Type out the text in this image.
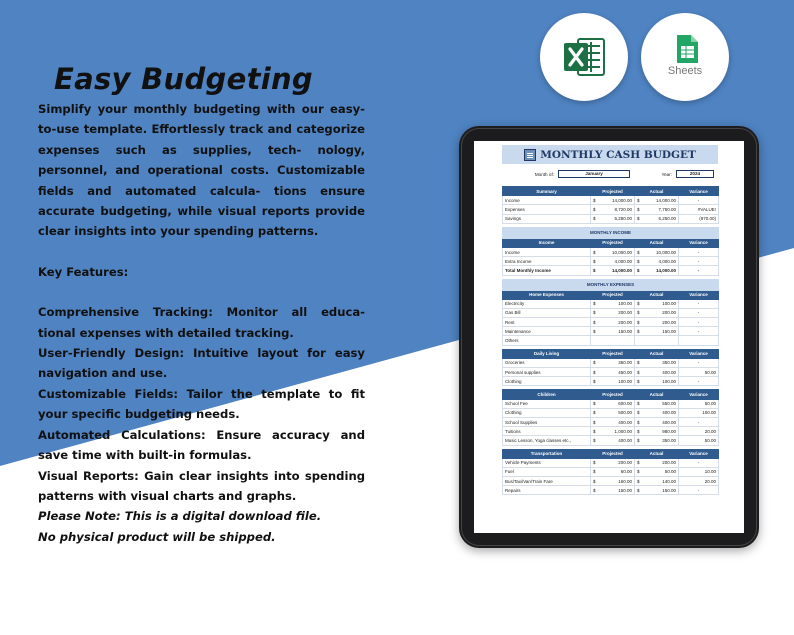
Easy Budgeting

Simplify your monthly budgeting with our easy-to-use template. Effortlessly track and categorize expenses such as supplies, tech- nology, personnel, and operational costs. Customizable fields and automated calcula- tions ensure accurate budgeting, while visual reports provide clear insights into your spending patterns.

Key Features:

Comprehensive Tracking: Monitor all educa- tional expenses with detailed tracking.

User-Friendly Design: Intuitive layout for easy navigation and use.

Customizable Fields: Tailor the template to fit your specific budgeting needs.

Automated Calculations: Ensure accuracy and save time with built-in formulas.

Visual Reports: Gain clear insights into spending patterns with visual charts and graphs.

Please Note: This is a digital download file.

No physical product will be shipped.

Sheets
MONTHLY CASH BUDGET
Month of:	January	Year:	2024
Summary	Projected	Actual	Variance
Income	$ 14,000.00	$ 14,000.00	-
Expenses	$ 8,720.00	$ 7,750.00	#VALUE!
Savings	$ 5,280.00	$ 6,250.00	(970.00)

MONTHLY INCOME			
Income	Projected	Actual	Variance
Income	$ 10,000.00	$ 10,000.00	-
Extra Income	$ 4,000.00	$ 4,000.00	-
Total Monthly Income	$ 14,000.00	$ 14,000.00	-

MONTHLY EXPENSES			
Home Expenses	Projected	Actual	Variance
Electricity	$ 100.00	$ 100.00	-
Gas Bill	$ 200.00	$ 200.00	-
Rent	$ 200.00	$ 200.00	-
Maintenance	$ 150.00	$ 150.00	-
Others			

Daily Living	Projected	Actual	Variance
Groceries	$ 350.00	$ 350.00	-
Personal supplies	$ 450.00	$ 400.00	50.00
Clothing	$ 100.00	$ 100.00	-

Children	Projected	Actual	Variance
School Fee	$ 600.00	$ 550.00	50.00
Clothing	$ 500.00	$ 400.00	100.00
School Supplies	$ 400.00	$ 400.00	-
Tuitions	$ 1,000.00	$ 980.00	20.00
Music Lesson, Yoga classes etc.,	$ 400.00	$ 350.00	50.00

Transportation	Projected	Actual	Variance
Vehicle Payments	$ 200.00	$ 200.00	-
Fuel	$ 60.00	$ 50.00	10.00
Bus/Taxi/Van/Train Fare	$ 160.00	$ 140.00	20.00
Repairs	$ 150.00	$ 150.00	-
